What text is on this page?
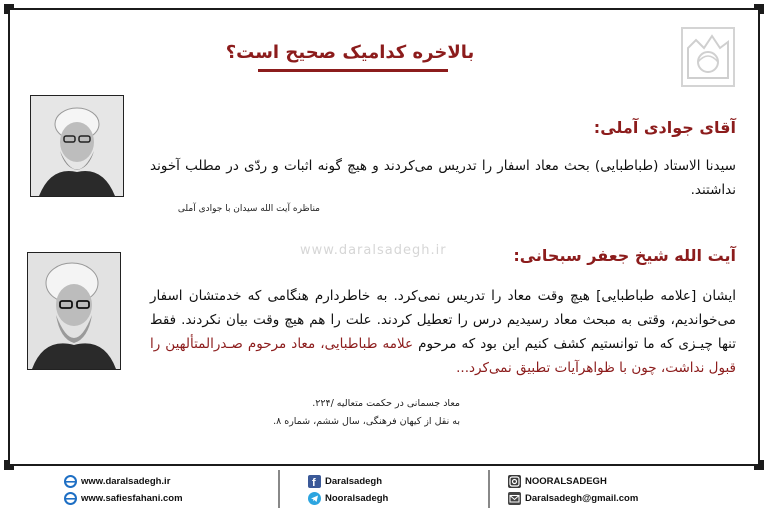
بالاخره کدامیک صحیح است؟
www.daralsadegh.ir
آقای جوادی آملی:
سیدنا الاستاد (طباطبایی) بحث معاد اسفار را تدریس می‌کردند و هیچ گونه اثبات و ردّی در مطلب آخوند نداشتند.
مناظره آیت الله سیدان با جوادی آملی
آیت الله شیخ جعفر سبحانی:
ایشان [علامه طباطبایی] هیچ وقت معاد را تدریس نمی‌کرد. به خاطردارم هنگامی که خدمتشان اسفار می‌خواندیم، وقتی به مبحث معاد رسیدیم درس را تعطیل کردند. علت را هم هیچ وقت بیان نکردند. فقط تنها چیـزی که ما توانستیم کشف کنیم این بود که مرحوم علامه طباطبایی، معاد مرحوم صـدرالمتألهین را قبول نداشت، چون با ظواهرآیات تطبیق نمی‌کرد...
معاد جسمانی در حکمت متعالیه /۲۲۴.
به نقل از کیهان فرهنگی، سال ششم، شماره ۸.
www.daralsadegh.ir
www.safiesfahani.com
f Daralsadegh
Nooralsadegh
NOORALSADEGH
Daralsadegh@gmail.com
